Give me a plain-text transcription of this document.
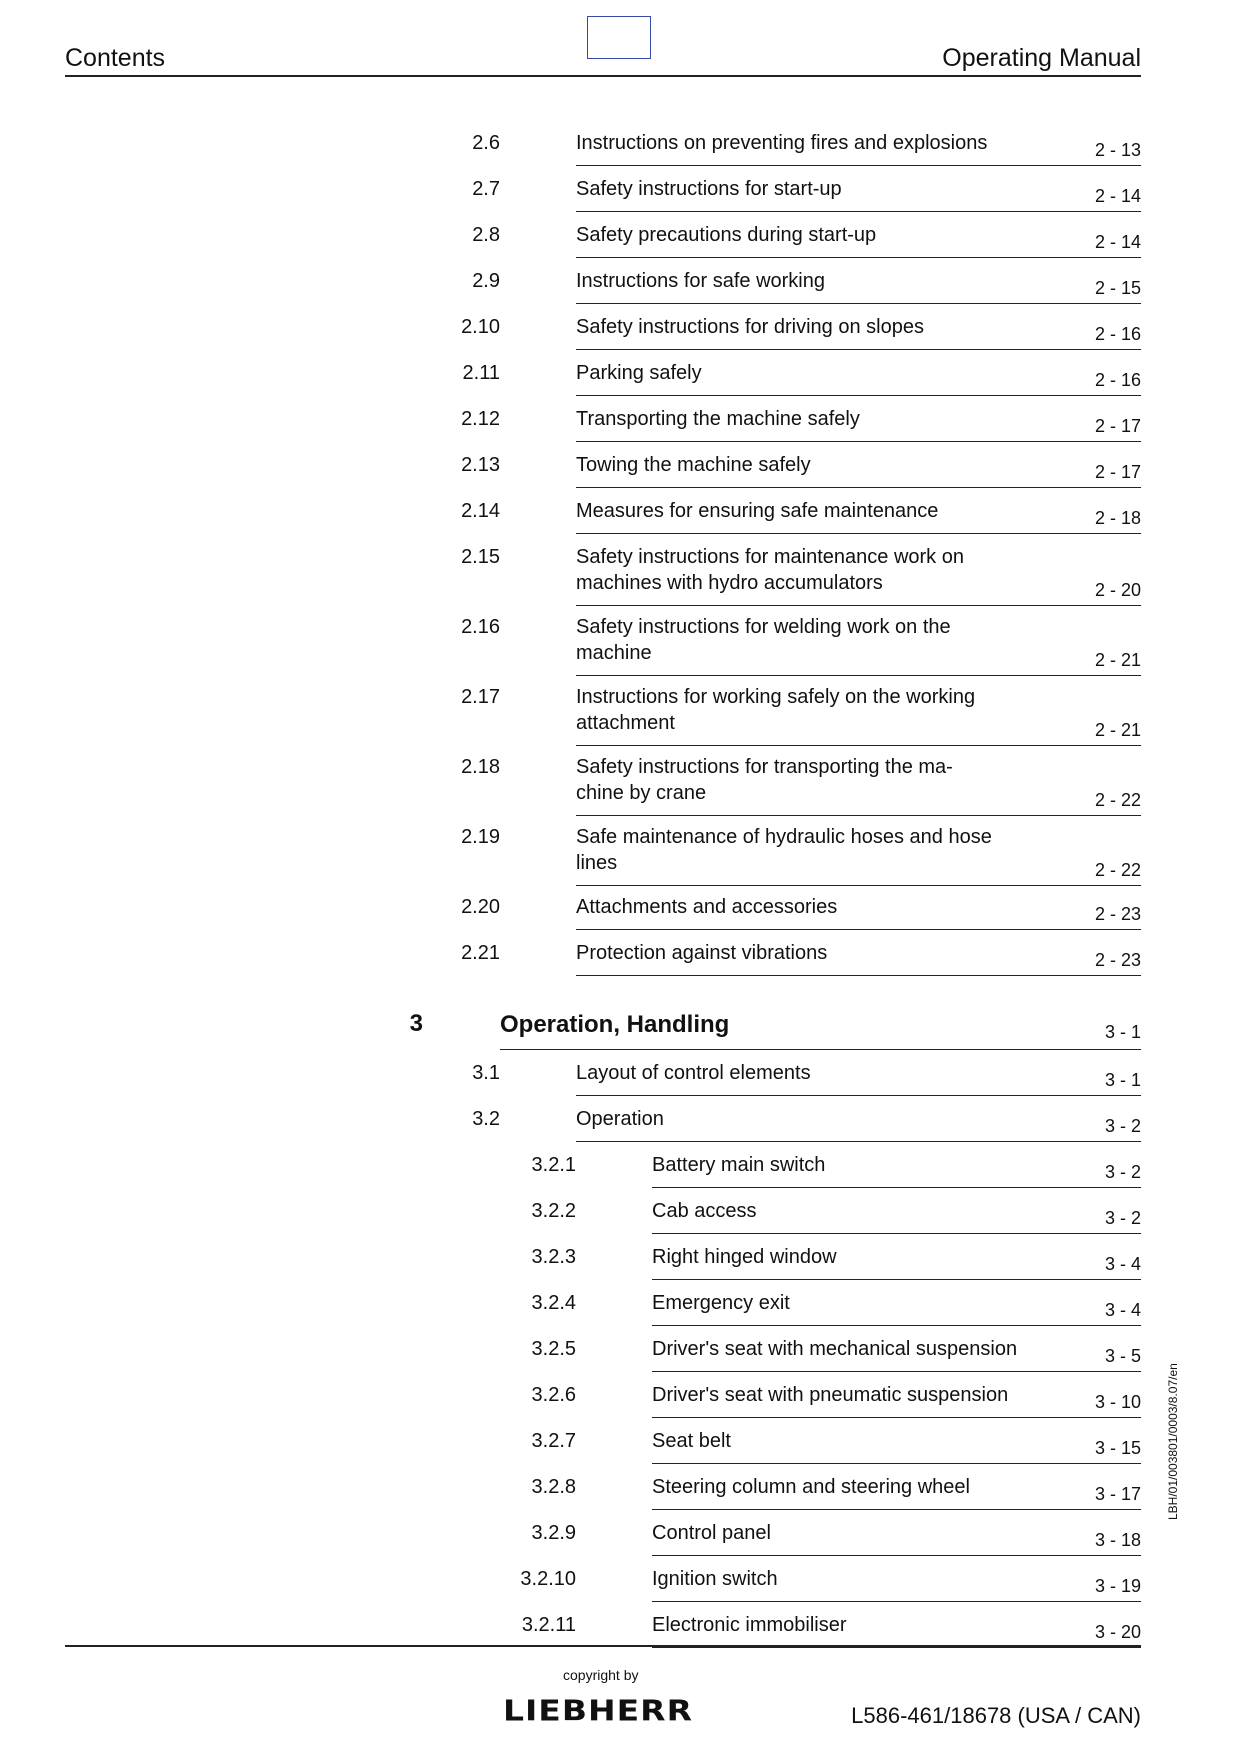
Contents	Operating Manual
2.6	Instructions on preventing fires and explosions	2 - 13
2.7	Safety instructions for start-up	2 - 14
2.8	Safety precautions during start-up	2 - 14
2.9	Instructions for safe working	2 - 15
2.10	Safety instructions for driving on slopes	2 - 16
2.11	Parking safely	2 - 16
2.12	Transporting the machine safely	2 - 17
2.13	Towing the machine safely	2 - 17
2.14	Measures for ensuring safe maintenance	2 - 18
2.15	Safety instructions for maintenance work on
machines with hydro accumulators	2 - 20
2.16	Safety instructions for welding work on the
machine	2 - 21
2.17	Instructions for working safely on the working
attachment	2 - 21
2.18	Safety instructions for transporting the ma-
chine by crane	2 - 22
2.19	Safe maintenance of hydraulic hoses and hose
lines	2 - 22
2.20	Attachments and accessories	2 - 23
2.21	Protection against vibrations	2 - 23
3	Operation, Handling	3 - 1
3.1	Layout of control elements	3 - 1
3.2	Operation	3 - 2
3.2.1	Battery main switch	3 - 2
3.2.2	Cab access	3 - 2
3.2.3	Right hinged window	3 - 4
3.2.4	Emergency exit	3 - 4
3.2.5	Driver's seat with mechanical suspension	3 - 5
3.2.6	Driver's seat with pneumatic suspension	3 - 10
3.2.7	Seat belt	3 - 15
3.2.8	Steering column and steering wheel	3 - 17
3.2.9	Control panel	3 - 18
3.2.10	Ignition switch	3 - 19
3.2.11	Electronic immobiliser	3 - 20
LBH/01/003801/0003/8.07/en
copyright by
LIEBHERR	L586-461/18678 (USA / CAN)
